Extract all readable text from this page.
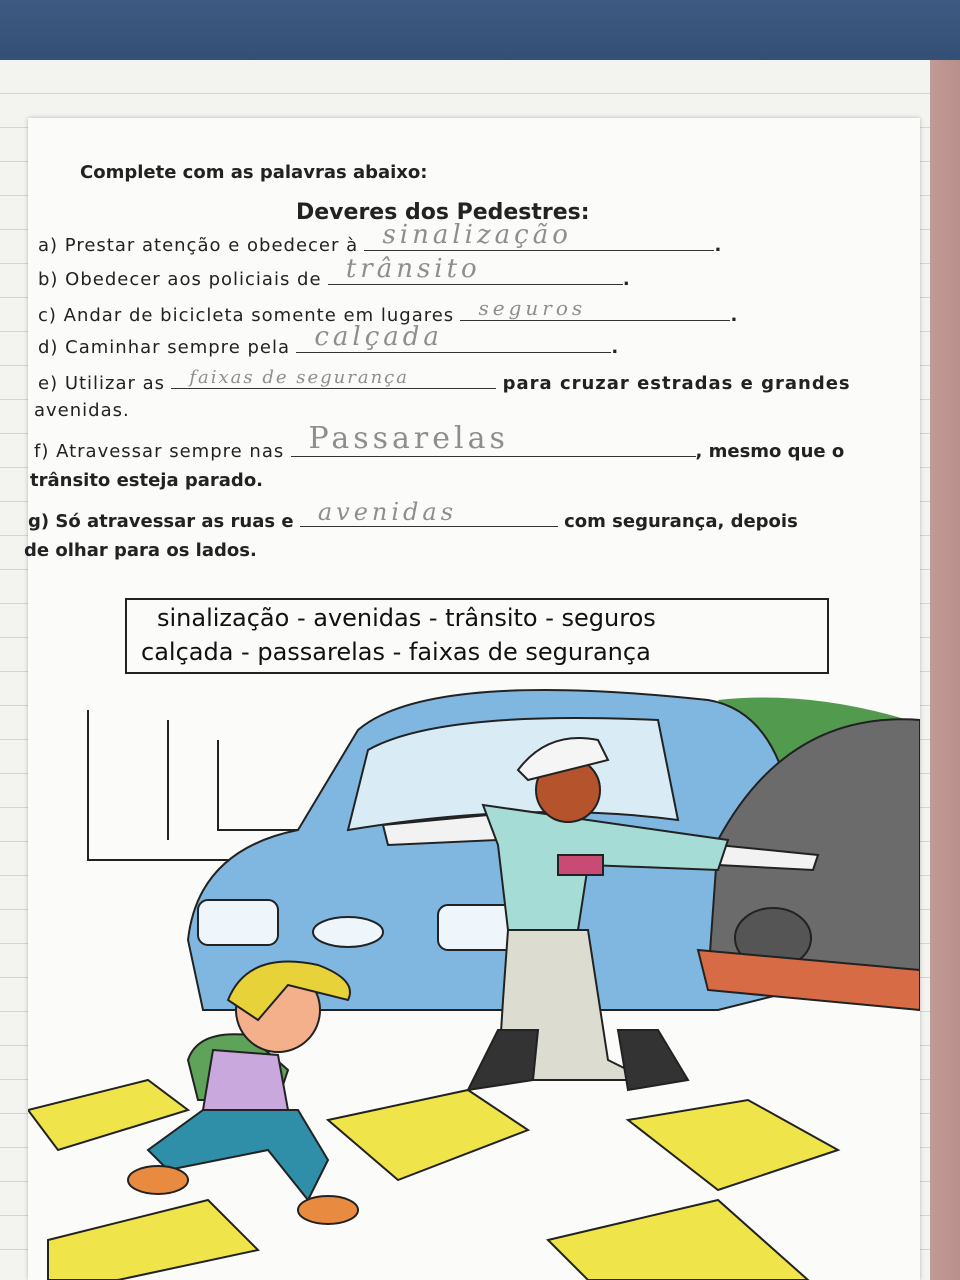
Complete com as palavras abaixo:
Deveres dos Pedestres:
a) Prestar atenção e obedecer à sinalização	.
b) Obedecer aos policiais de trânsito	.
c) Andar de bicicleta somente em lugares seguros	.
d) Caminhar sempre pela calçada	.
e) Utilizar as faixas de segurança	para cruzar estradas e grandes
avenidas.
f) Atravessar sempre nas Passarelas	, mesmo que o
trânsito esteja parado.
g) Só atravessar as ruas e avenidas	com segurança, depois
de olhar para os lados.
sinalização - avenidas - trânsito - seguros
calçada - passarelas - faixas de segurança
